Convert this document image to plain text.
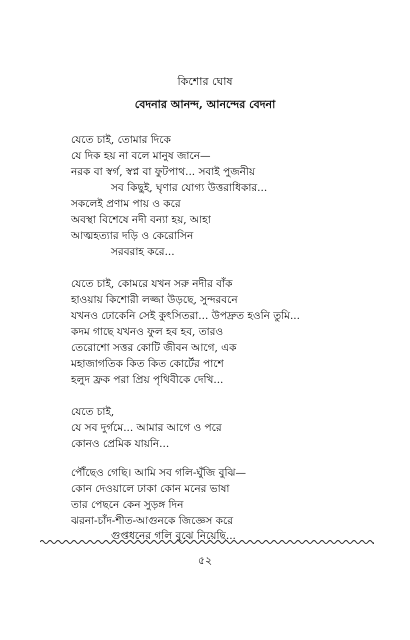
কিশোর ঘোষ
বেদনার আনন্দ, আনন্দের বেদনা
যেতে চাই, তোমার দিকে
যে দিক হয় না বলে মানুষ জানে—
নরক বা স্বর্গ, স্বপ্ন বা ফুটপাথ... সবাই পুজনীয়
সব কিছুই, ঘৃণার যোগ্য উত্তরাধিকার...
সকলেই প্রণাম পায় ও করে
অবস্থা বিশেষে নদী বন্যা হয়, আহা
আত্মহত্যার দড়ি ও কেরোসিন
সরবরাহ করে...
যেতে চাই, কোমরে যখন সরু নদীর বাঁক
হাওয়ায় কিশোরী লজ্জা উড়ছে, সুন্দরবনে
যখনও ঢোকেনি সেই কুৎসিতরা... উপদ্রুত হওনি তুমি...
কদম গাছে যখনও ফুল হব হব, তারও
তেরোশো সত্তর কোটি জীবন আগে, এক
মহাজাগতিক কিত কিত কোর্টের পাশে
হলুদ ফ্রক পরা প্রিয় পৃথিবীকে দেখি...
যেতে চাই,
যে সব দুর্গমে... আমার আগে ও পরে
কোনও প্রেমিক যায়নি...
পৌঁছেও গেছি। আমি সব গলি-ঘুঁজি বুঝি—
কোন দেওয়ালে ঢাকা কোন মনের ভাষা
তার পেছনে কেন সুড়ঙ্গ দিন
ঝরনা-চাঁদ-শীত-আগুনকে জিজ্ঞেস করে
গুপ্তধনের গলি বুঝে নিয়েছি...
৫২
